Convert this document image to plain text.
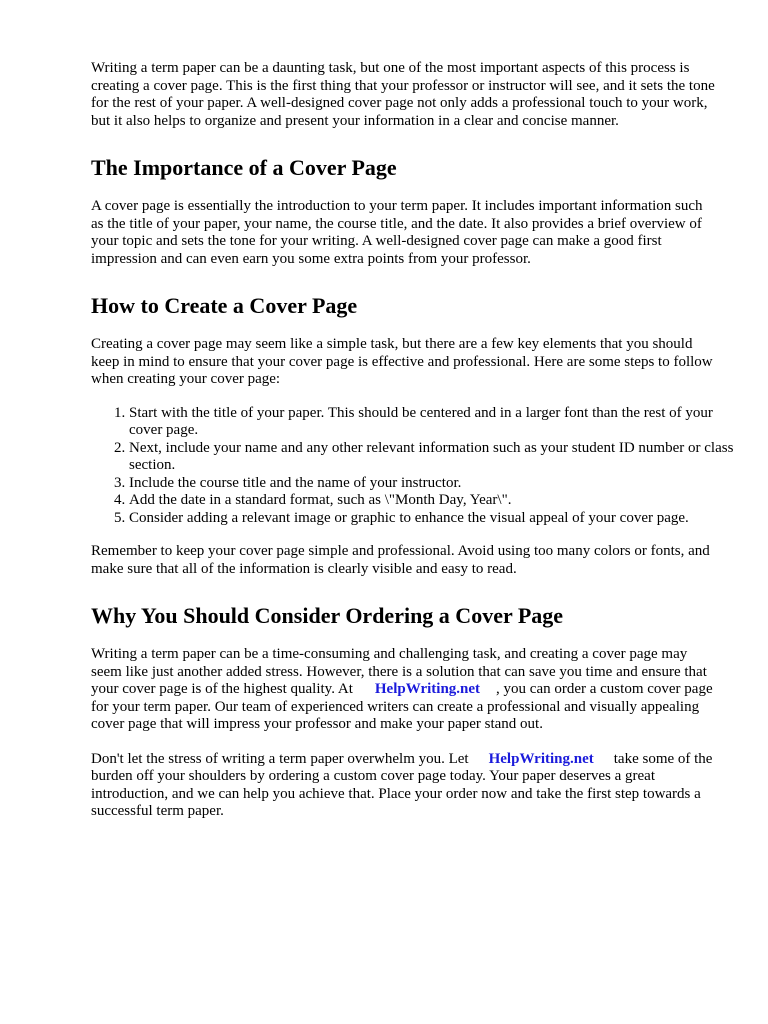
Writing a term paper can be a daunting task, but one of the most important aspects of this process is creating a cover page. This is the first thing that your professor or instructor will see, and it sets the tone for the rest of your paper. A well-designed cover page not only adds a professional touch to your work, but it also helps to organize and present your information in a clear and concise manner.

The Importance of a Cover Page

A cover page is essentially the introduction to your term paper. It includes important information such as the title of your paper, your name, the course title, and the date. It also provides a brief overview of your topic and sets the tone for your writing. A well-designed cover page can make a good first impression and can even earn you some extra points from your professor.

How to Create a Cover Page

Creating a cover page may seem like a simple task, but there are a few key elements that you should keep in mind to ensure that your cover page is effective and professional. Here are some steps to follow when creating your cover page:

1. Start with the title of your paper. This should be centered and in a larger font than the rest of your cover page.
2. Next, include your name and any other relevant information such as your student ID number or class section.
3. Include the course title and the name of your instructor.
4. Add the date in a standard format, such as \"Month Day, Year\".
5. Consider adding a relevant image or graphic to enhance the visual appeal of your cover page.

Remember to keep your cover page simple and professional. Avoid using too many colors or fonts, and make sure that all of the information is clearly visible and easy to read.

Why You Should Consider Ordering a Cover Page

Writing a term paper can be a time-consuming and challenging task, and creating a cover page may seem like just another added stress. However, there is a solution that can save you time and ensure that your cover page is of the highest quality. At HelpWriting.net , you can order a custom cover page for your term paper. Our team of experienced writers can create a professional and visually appealing cover page that will impress your professor and make your paper stand out.

Don't let the stress of writing a term paper overwhelm you. Let HelpWriting.net take some of the burden off your shoulders by ordering a custom cover page today. Your paper deserves a great introduction, and we can help you achieve that. Place your order now and take the first step towards a successful term paper.
